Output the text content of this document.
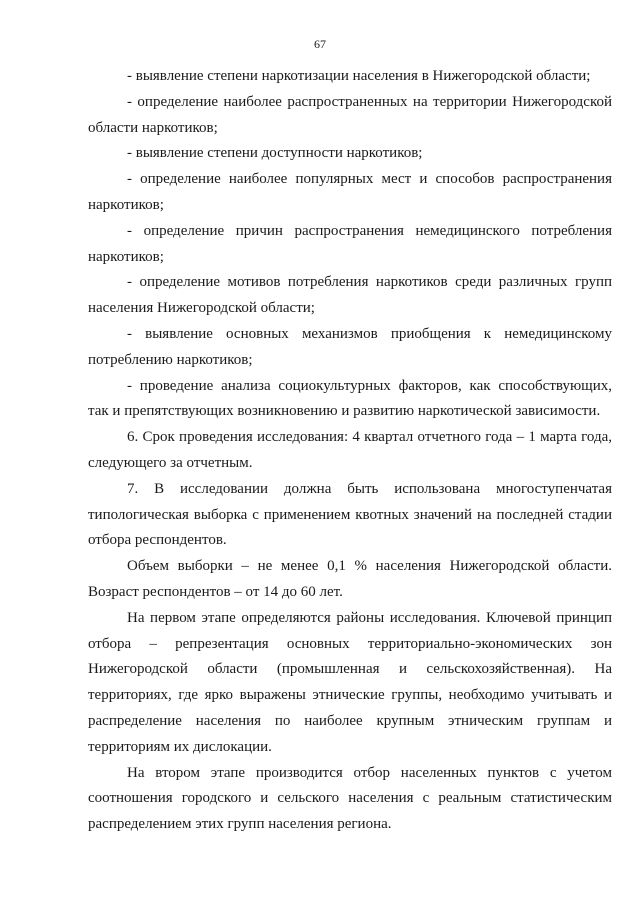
67

- выявление степени наркотизации населения в Нижегородской области;

- определение наиболее распространенных на территории Нижегородской области наркотиков;

- выявление степени доступности наркотиков;

- определение наиболее популярных мест и способов распространения наркотиков;

- определение причин распространения немедицинского потребления наркотиков;

- определение мотивов потребления наркотиков среди различных групп населения Нижегородской области;

- выявление основных механизмов приобщения к немедицинскому потреблению наркотиков;

- проведение анализа социокультурных факторов, как способствующих, так и препятствующих возникновению и развитию наркотической зависимости.

6. Срок проведения исследования: 4 квартал отчетного года – 1 марта года, следующего за отчетным.

7. В исследовании должна быть использована многоступенчатая типологическая выборка с применением квотных значений на последней стадии отбора респондентов.

Объем выборки – не менее 0,1 % населения Нижегородской области. Возраст респондентов – от 14 до 60 лет.

На первом этапе определяются районы исследования. Ключевой принцип отбора – репрезентация основных территориально-экономических зон Нижегородской области (промышленная и сельскохозяйственная). На территориях, где ярко выражены этнические группы, необходимо учитывать и распределение населения по наиболее крупным этническим группам и территориям их дислокации.

На втором этапе производится отбор населенных пунктов с учетом соотношения городского и сельского населения с реальным статистическим распределением этих групп населения региона.
